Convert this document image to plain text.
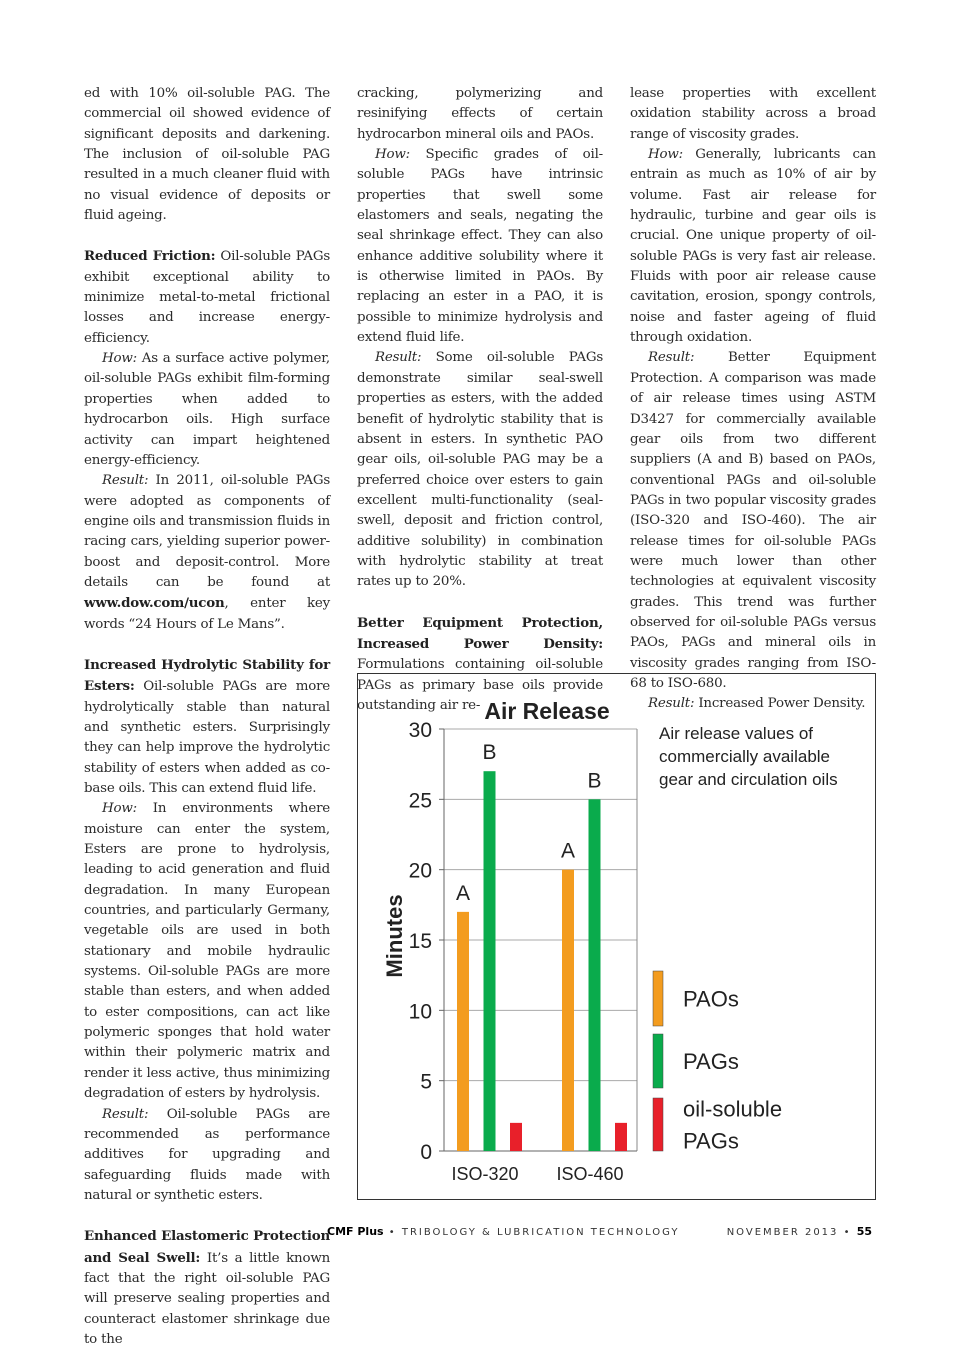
ed with 10% oil-soluble PAG. The commercial oil showed evidence of significant deposits and darkening. The inclusion of oil-soluble PAG resulted in a much cleaner fluid with no visual evidence of deposits or fluid ageing.

Reduced Friction: Oil-soluble PAGs exhibit exceptional ability to minimize metal-to-metal frictional losses and increase energy-efficiency.

How: As a surface active polymer, oil-soluble PAGs exhibit film-forming properties when added to hydrocarbon oils. High surface activity can impart heightened energy-efficiency.

Result: In 2011, oil-soluble PAGs were adopted as components of engine oils and transmission fluids in racing cars, yielding superior power-boost and deposit-control. More details can be found at www.dow.com/ucon, enter key words “24 Hours of Le Mans”.

Increased Hydrolytic Stability for Esters: Oil-soluble PAGs are more hydrolytically stable than natural and synthetic esters. Surprisingly they can help improve the hydrolytic stability of esters when added as co-base oils. This can extend fluid life.

How: In environments where moisture can enter the system, Esters are prone to hydrolysis, leading to acid generation and fluid degradation. In many European countries, and particularly Germany, vegetable oils are used in both stationary and mobile hydraulic systems. Oil-soluble PAGs are more stable than esters, and when added to ester compositions, can act like polymeric sponges that hold water within their polymeric matrix and render it less active, thus minimizing degradation of esters by hydrolysis.

Result: Oil-soluble PAGs are recommended as performance additives for upgrading and safeguarding fluids made with natural or synthetic esters.

Enhanced Elastomeric Protection and Seal Swell: It’s a little known fact that the right oil-soluble PAG will preserve sealing properties and counteract elastomer shrinkage due to the

cracking, polymerizing and resinifying effects of certain hydrocarbon mineral oils and PAOs.

How: Specific grades of oil-soluble PAGs have intrinsic properties that swell some elastomers and seals, negating the seal shrinkage effect. They can also enhance additive solubility where it is otherwise limited in PAOs. By replacing an ester in a PAO, it is possible to minimize hydrolysis and extend fluid life.

Result: Some oil-soluble PAGs demonstrate similar seal-swell properties as esters, with the added benefit of hydrolytic stability that is absent in esters. In synthetic PAO gear oils, oil-soluble PAG may be a preferred choice over esters to gain excellent multi-functionality (seal-swell, deposit and friction control, additive solubility) in combination with hydrolytic stability at treat rates up to 20%.

Better Equipment Protection, Increased Power Density: Formulations containing oil-soluble PAGs as primary base oils provide outstanding air re-

lease properties with excellent oxidation stability across a broad range of viscosity grades.

How: Generally, lubricants can entrain as much as 10% of air by volume. Fast air release for hydraulic, turbine and gear oils is crucial. One unique property of oil-soluble PAGs is very fast air release. Fluids with poor air release cause cavitation, erosion, spongy controls, noise and faster ageing of fluid through oxidation.

Result: Better Equipment Protection. A comparison was made of air release times using ASTM D3427 for commercially available gear oils from two different suppliers (A and B) based on PAOs, conventional PAGs and oil-soluble PAGs in two popular viscosity grades (ISO-320 and ISO-460). The air release times for oil-soluble PAGs were much lower than other technologies at equivalent viscosity grades. This trend was further observed for oil-soluble PAGs versus PAOs, PAGs and mineral oils in viscosity grades ranging from ISO-68 to ISO-680.

Result: Increased Power Density.

0
5
10
15
20
25
30
Air Release
Minutes
A
B
ISO-320
A
B
ISO-460
Air release values of
commercially available
gear and circulation oils
PAOs
PAGs
oil-soluble
PAGs
CMF Plus • TRIBOLOGY & LUBRICATION TECHNOLOGY	NOVEMBER 2013 • 55
